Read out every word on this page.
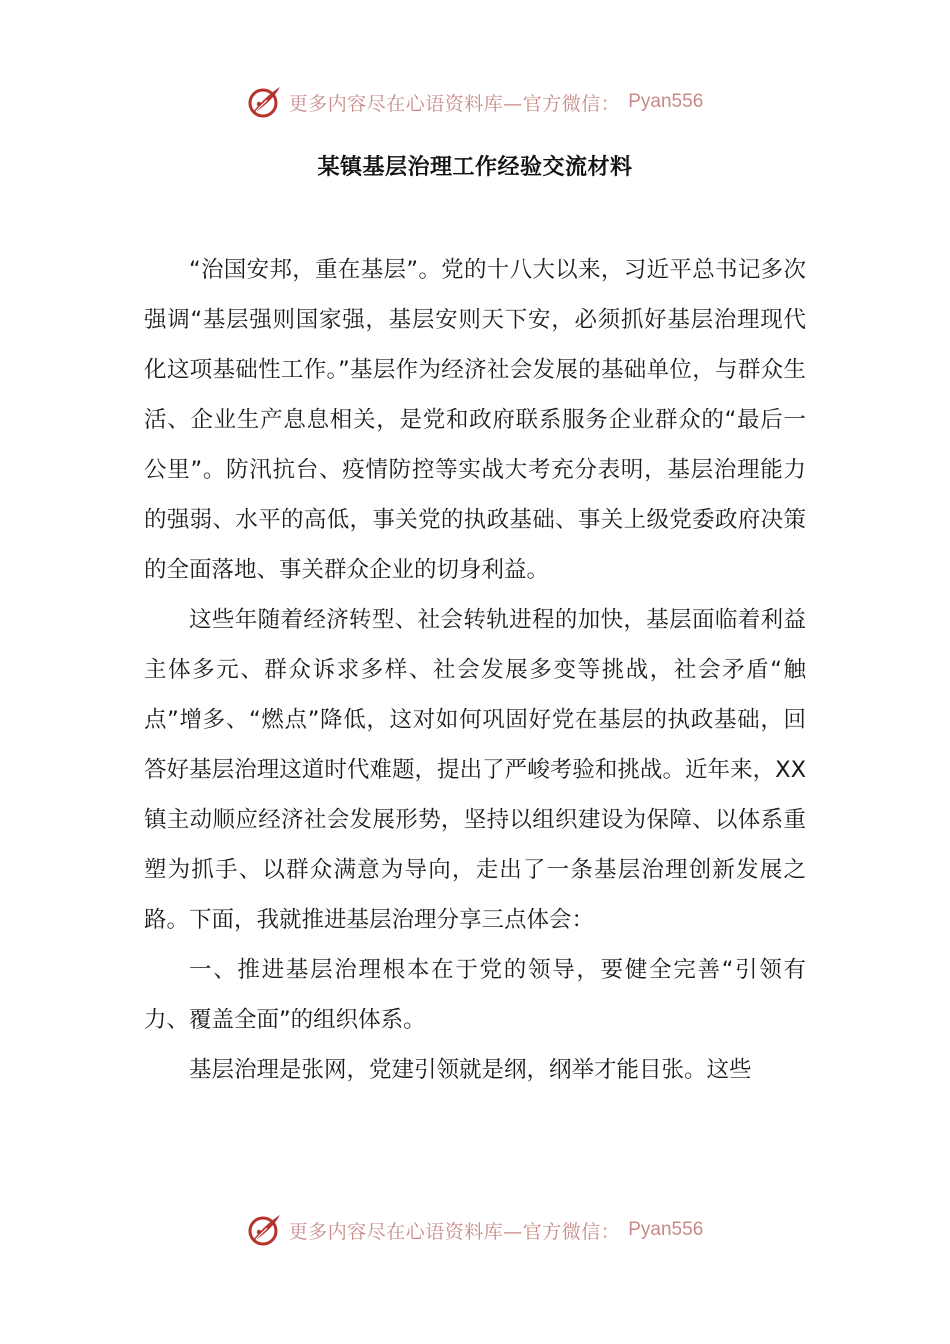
更多内容尽在心语资料库—官方微信： Pyan556
某镇基层治理工作经验交流材料

“治国安邦，重在基层”。党的十八大以来，习近平总书记多次强调“基层强则国家强，基层安则天下安，必须抓好基层治理现代化这项基础性工作。”基层作为经济社会发展的基础单位，与群众生活、企业生产息息相关，是党和政府联系服务企业群众的“最后一公里”。防汛抗台、疫情防控等实战大考充分表明，基层治理能力的强弱、水平的高低，事关党的执政基础、事关上级党委政府决策的全面落地、事关群众企业的切身利益。

这些年随着经济转型、社会转轨进程的加快，基层面临着利益主体多元、群众诉求多样、社会发展多变等挑战，社会矛盾“触点”增多、“燃点”降低，这对如何巩固好党在基层的执政基础，回答好基层治理这道时代难题，提出了严峻考验和挑战。近年来，XX镇主动顺应经济社会发展形势，坚持以组织建设为保障、以体系重塑为抓手、以群众满意为导向，走出了一条基层治理创新发展之路。下面，我就推进基层治理分享三点体会：

一、推进基层治理根本在于党的领导，要健全完善“引领有力、覆盖全面”的组织体系。

基层治理是张网，党建引领就是纲，纲举才能目张。这些

更多内容尽在心语资料库—官方微信： Pyan556
